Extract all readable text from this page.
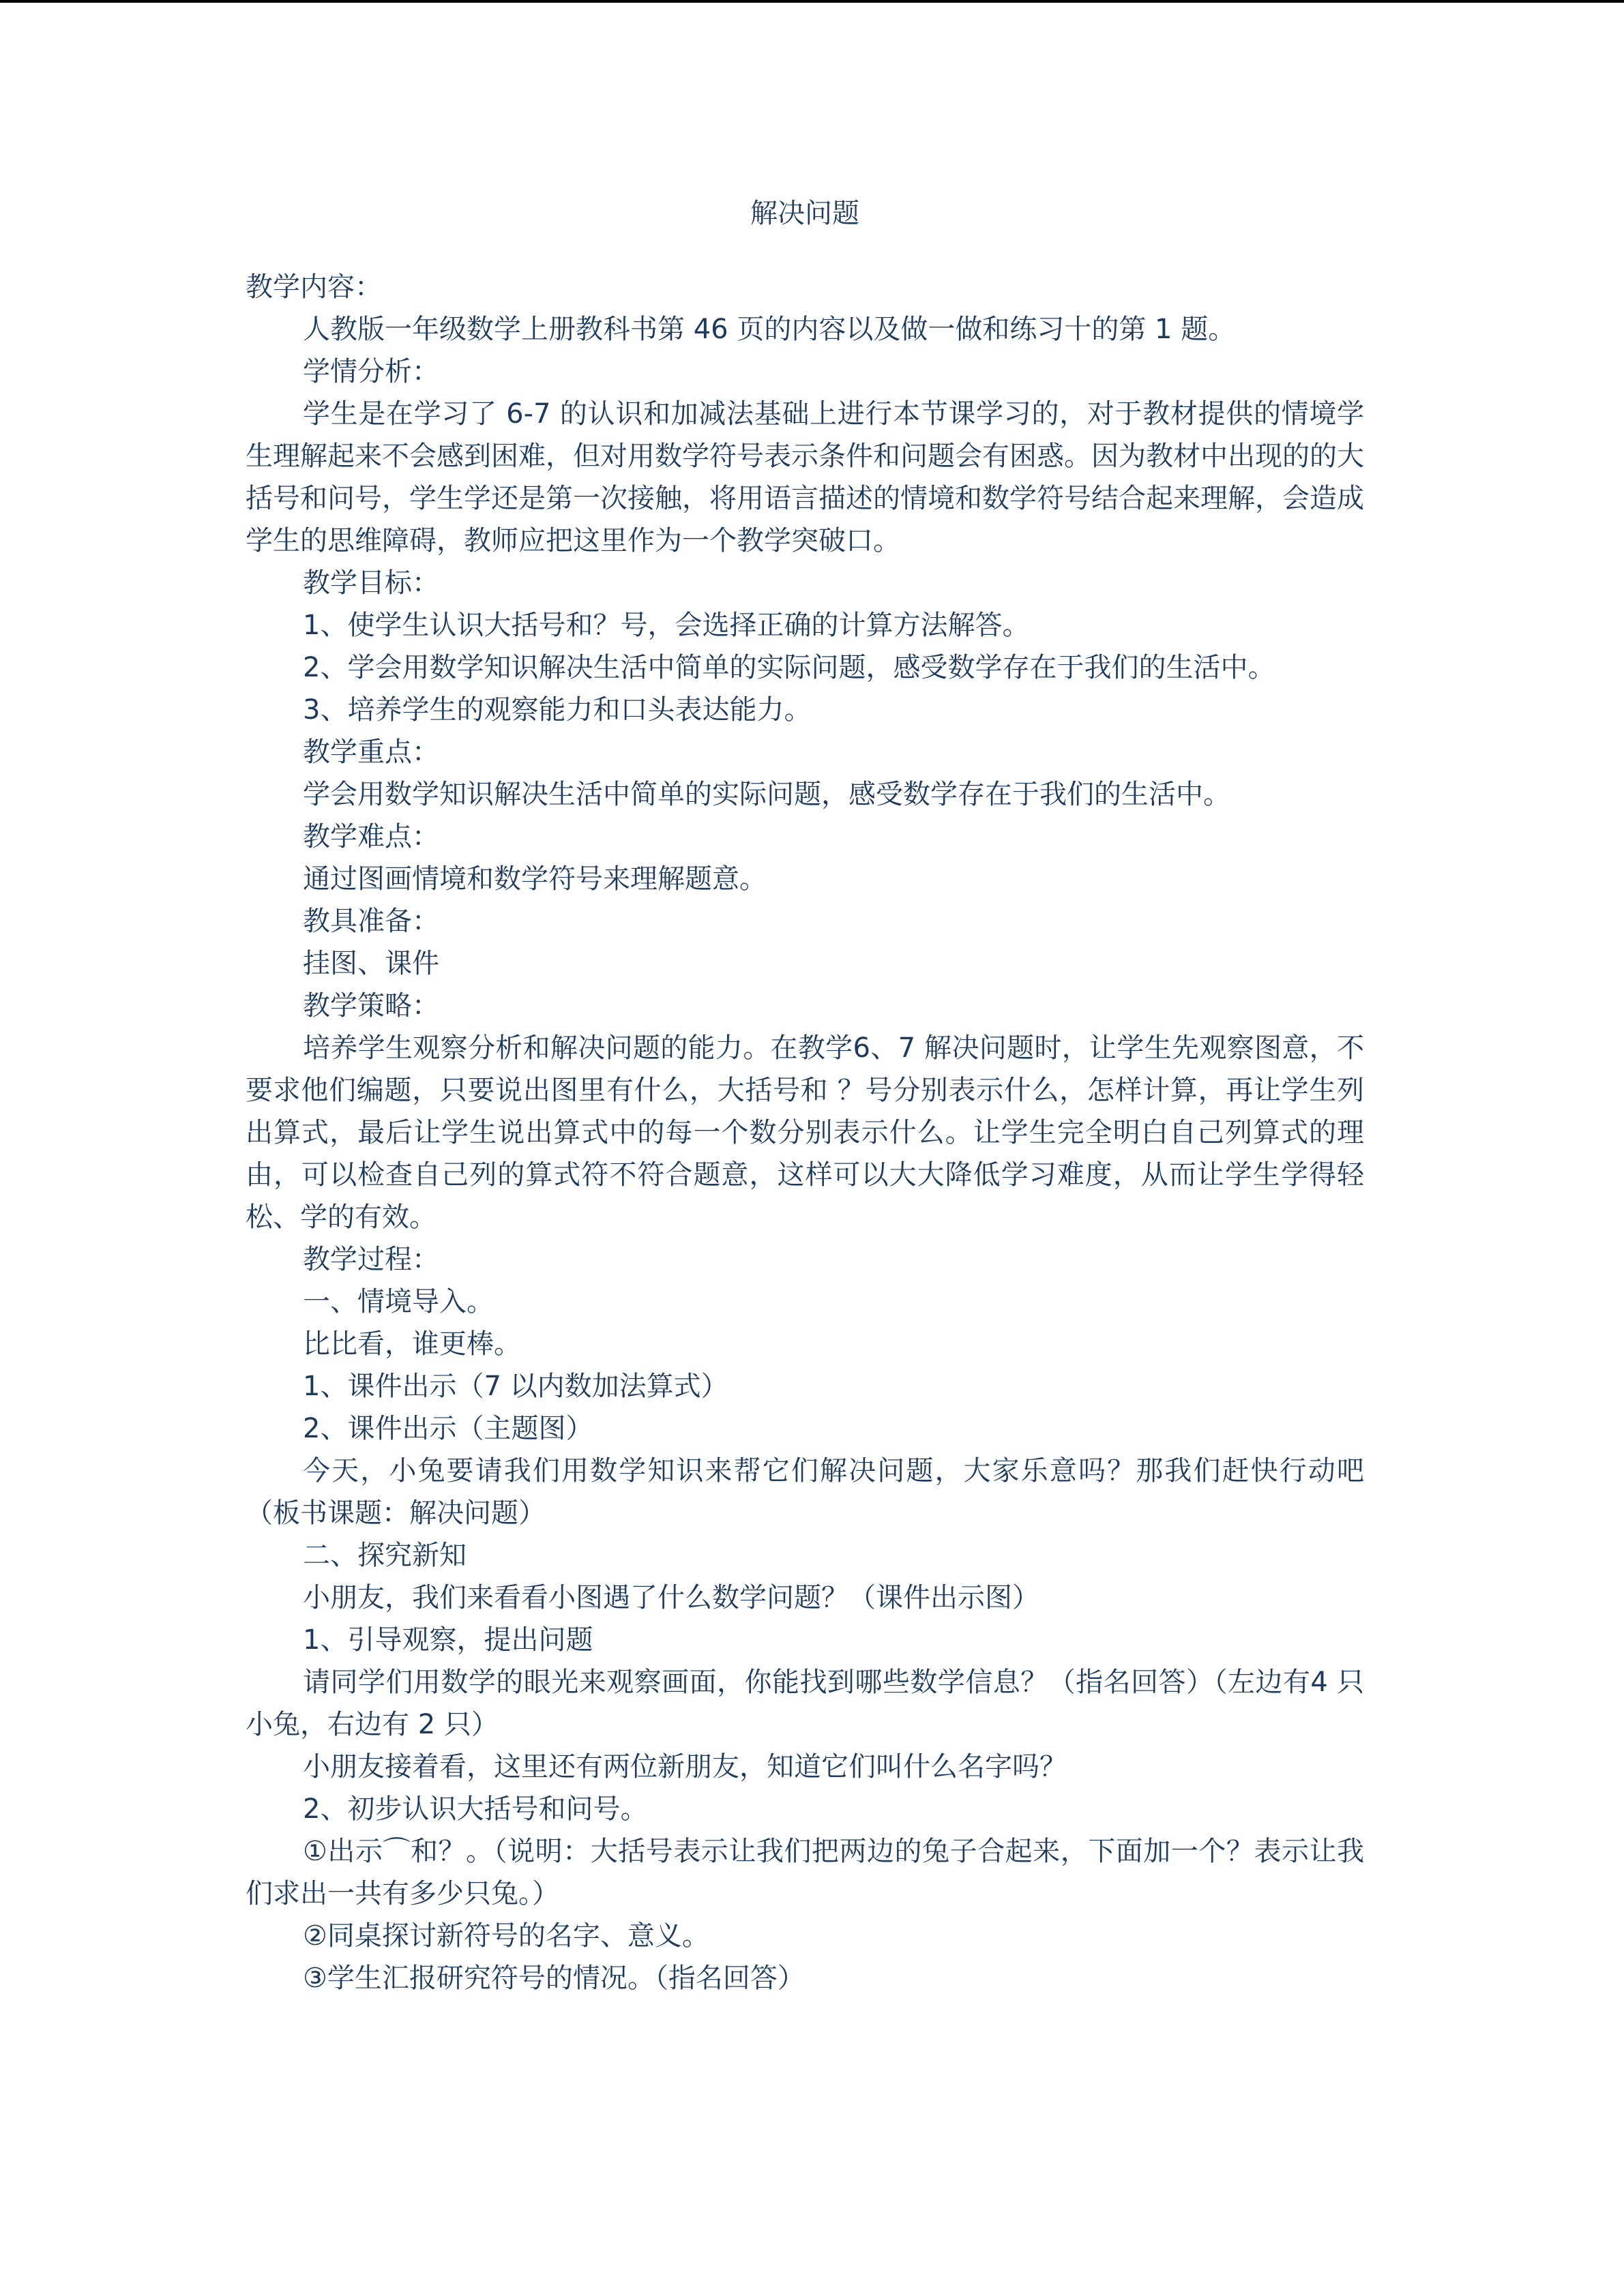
解决问题

教学内容：

人教版一年级数学上册教科书第 46 页的内容以及做一做和练习十的第 1 题。

学情分析：

学生是在学习了 6-7 的认识和加减法基础上进行本节课学习的，对于教材提供的情境学生理解起来不会感到困难，但对用数学符号表示条件和问题会有困惑。因为教材中出现的的大括号和问号，学生学还是第一次接触，将用语言描述的情境和数学符号结合起来理解，会造成学生的思维障碍，教师应把这里作为一个教学突破口。

教学目标：

1、使学生认识大括号和？号，会选择正确的计算方法解答。

2、学会用数学知识解决生活中简单的实际问题，感受数学存在于我们的生活中。

3、培养学生的观察能力和口头表达能力。

教学重点：

学会用数学知识解决生活中简单的实际问题，感受数学存在于我们的生活中。

教学难点：

通过图画情境和数学符号来理解题意。

教具准备：

挂图、课件

教学策略：

培养学生观察分析和解决问题的能力。在教学6、7 解决问题时，让学生先观察图意，不要求他们编题，只要说出图里有什么，大括号和 ？号分别表示什么，怎样计算，再让学生列出算式，最后让学生说出算式中的每一个数分别表示什么。让学生完全明白自己列算式的理由，可以检查自己列的算式符不符合题意，这样可以大大降低学习难度，从而让学生学得轻松、学的有效。

教学过程：

一、情境导入。

比比看，谁更棒。

1、课件出示（7 以内数加法算式）

2、课件出示（主题图）

今天，小兔要请我们用数学知识来帮它们解决问题，大家乐意吗？那我们赶快行动吧（板书课题：解决问题）

二、探究新知

小朋友，我们来看看小图遇了什么数学问题？（课件出示图）

1、引导观察，提出问题

请同学们用数学的眼光来观察画面，你能找到哪些数学信息？（指名回答）（左边有4 只小兔，右边有 2 只）

小朋友接着看，这里还有两位新朋友，知道它们叫什么名字吗？

2、初步认识大括号和问号。

①出示⌒和？。（说明：大括号表示让我们把两边的兔子合起来，下面加一个？表示让我们求出一共有多少只兔。）

②同桌探讨新符号的名字、意义。

③学生汇报研究符号的情况。（指名回答）
